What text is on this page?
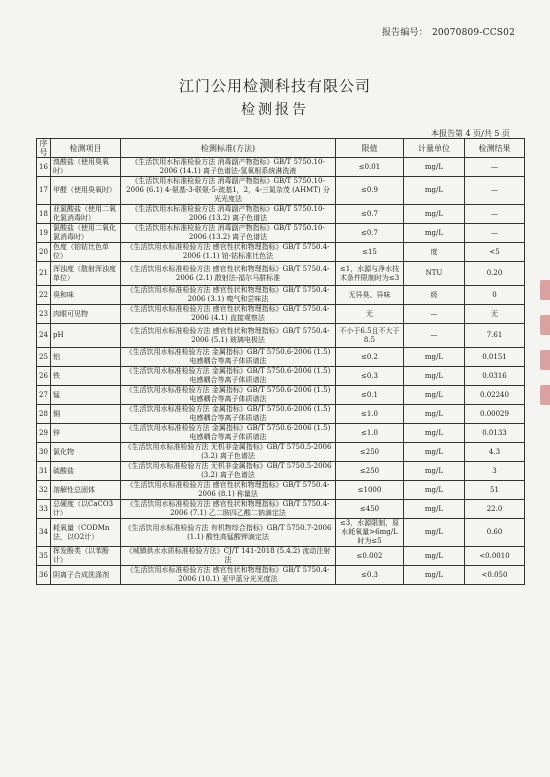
报告编号： 20070809-CCS02
江门公用检测科技有限公司
检测报告
本报告第 4 页/共 5 页
序号	检测项目	检测标准(方法)	限值	计量单位	检测结果
16	溴酸盐（使用臭氧时）	《生活饮用水标准检验方法 消毒副产物指标》GB/T 5750.10-2006 (14.1) 离子色谱法-氢氧根系统淋洗液	≤0.01	mg/L	—
17	甲醛（使用臭氧时）	《生活饮用水标准检验方法 消毒副产物指标》GB/T 5750.10-2006 (6.1) 4-氨基-3-联氨-5-巯基1，2，4-三氮杂茂 (AHMT) 分光光度法	≤0.9	mg/L	—
18	亚氯酸盐（使用二氧化氯消毒时）	《生活饮用水标准检验方法 消毒副产物指标》GB/T 5750.10-2006 (13.2) 离子色谱法	≤0.7	mg/L	—
19	氯酸盐（使用二氧化氯消毒时）	《生活饮用水标准检验方法 消毒副产物指标》GB/T 5750.10-2006 (13.2) 离子色谱法	≤0.7	mg/L	—
20	色度（铂钴比色单位）	《生活饮用水标准检验方法 感官性状和物理指标》GB/T 5750.4-2006 (1.1) 铂-钴标准比色法	≤15	度	<5
21	浑浊度（散射浑浊度单位）	《生活饮用水标准检验方法 感官性状和物理指标》GB/T 5750.4-2006 (2.1) 散射法-福尔马肼标准	≤1，水源与净水技术条件限制时为≤3	NTU	0.20
22	臭和味	《生活饮用水标准检验方法 感官性状和物理指标》GB/T 5750.4-2006 (3.1) 嗅气和尝味法	无异臭、异味	级	0
23	肉眼可见物	《生活饮用水标准检验方法 感官性状和物理指标》GB/T 5750.4-2006 (4.1) 直接观察法	无	—	无
24	pH	《生活饮用水标准检验方法 感官性状和物理指标》GB/T 5750.4-2006 (5.1) 玻璃电极法	不小于6.5且不大于8.5	—	7.61
25	铝	《生活饮用水标准检验方法 金属指标》GB/T 5750.6-2006 (1.5) 电感耦合等离子体质谱法	≤0.2	mg/L	0.0151
26	铁	《生活饮用水标准检验方法 金属指标》GB/T 5750.6-2006 (1.5) 电感耦合等离子体质谱法	≤0.3	mg/L	0.0316
27	锰	《生活饮用水标准检验方法 金属指标》GB/T 5750.6-2006 (1.5) 电感耦合等离子体质谱法	≤0.1	mg/L	0.02240
28	铜	《生活饮用水标准检验方法 金属指标》GB/T 5750.6-2006 (1.5) 电感耦合等离子体质谱法	≤1.0	mg/L	0.00029
29	锌	《生活饮用水标准检验方法 金属指标》GB/T 5750.6-2006 (1.5) 电感耦合等离子体质谱法	≤1.0	mg/L	0.0133
30	氯化物	《生活饮用水标准检验方法 无机非金属指标》GB/T 5750.5-2006 (3.2) 离子色谱法	≤250	mg/L	4.3
31	硫酸盐	《生活饮用水标准检验方法 无机非金属指标》GB/T 5750.5-2006 (3.2) 离子色谱法	≤250	mg/L	3
32	溶解性总固体	《生活饮用水标准检验方法 感官性状和物理指标》GB/T 5750.4-2006 (8.1) 称量法	≤1000	mg/L	51
33	总硬度（以CaCO3计）	《生活饮用水标准检验方法 感官性状和物理指标》GB/T 5750.4-2006 (7.1) 乙二胺四乙酸二钠滴定法	≤450	mg/L	22.0
34	耗氧量（CODMn法，以O2计）	《生活饮用水标准检验方法 有机物综合指标》GB/T 5750.7-2006 (1.1) 酸性高锰酸钾滴定法	≤3，水源限制，原水耗氧量>6mg/L时为≤5	mg/L	0.60
35	挥发酚类（以苯酚计）	《城镇供水水质标准检验方法》CJ/T 141-2018 (5.4.2) 流动注射法	≤0.002	mg/L	<0.0010
36	阴离子合成洗涤剂	《生活饮用水标准检验方法 感官性状和物理指标》GB/T 5750.4-2006 (10.1) 亚甲蓝分光光度法	≤0.3	mg/L	<0.050
